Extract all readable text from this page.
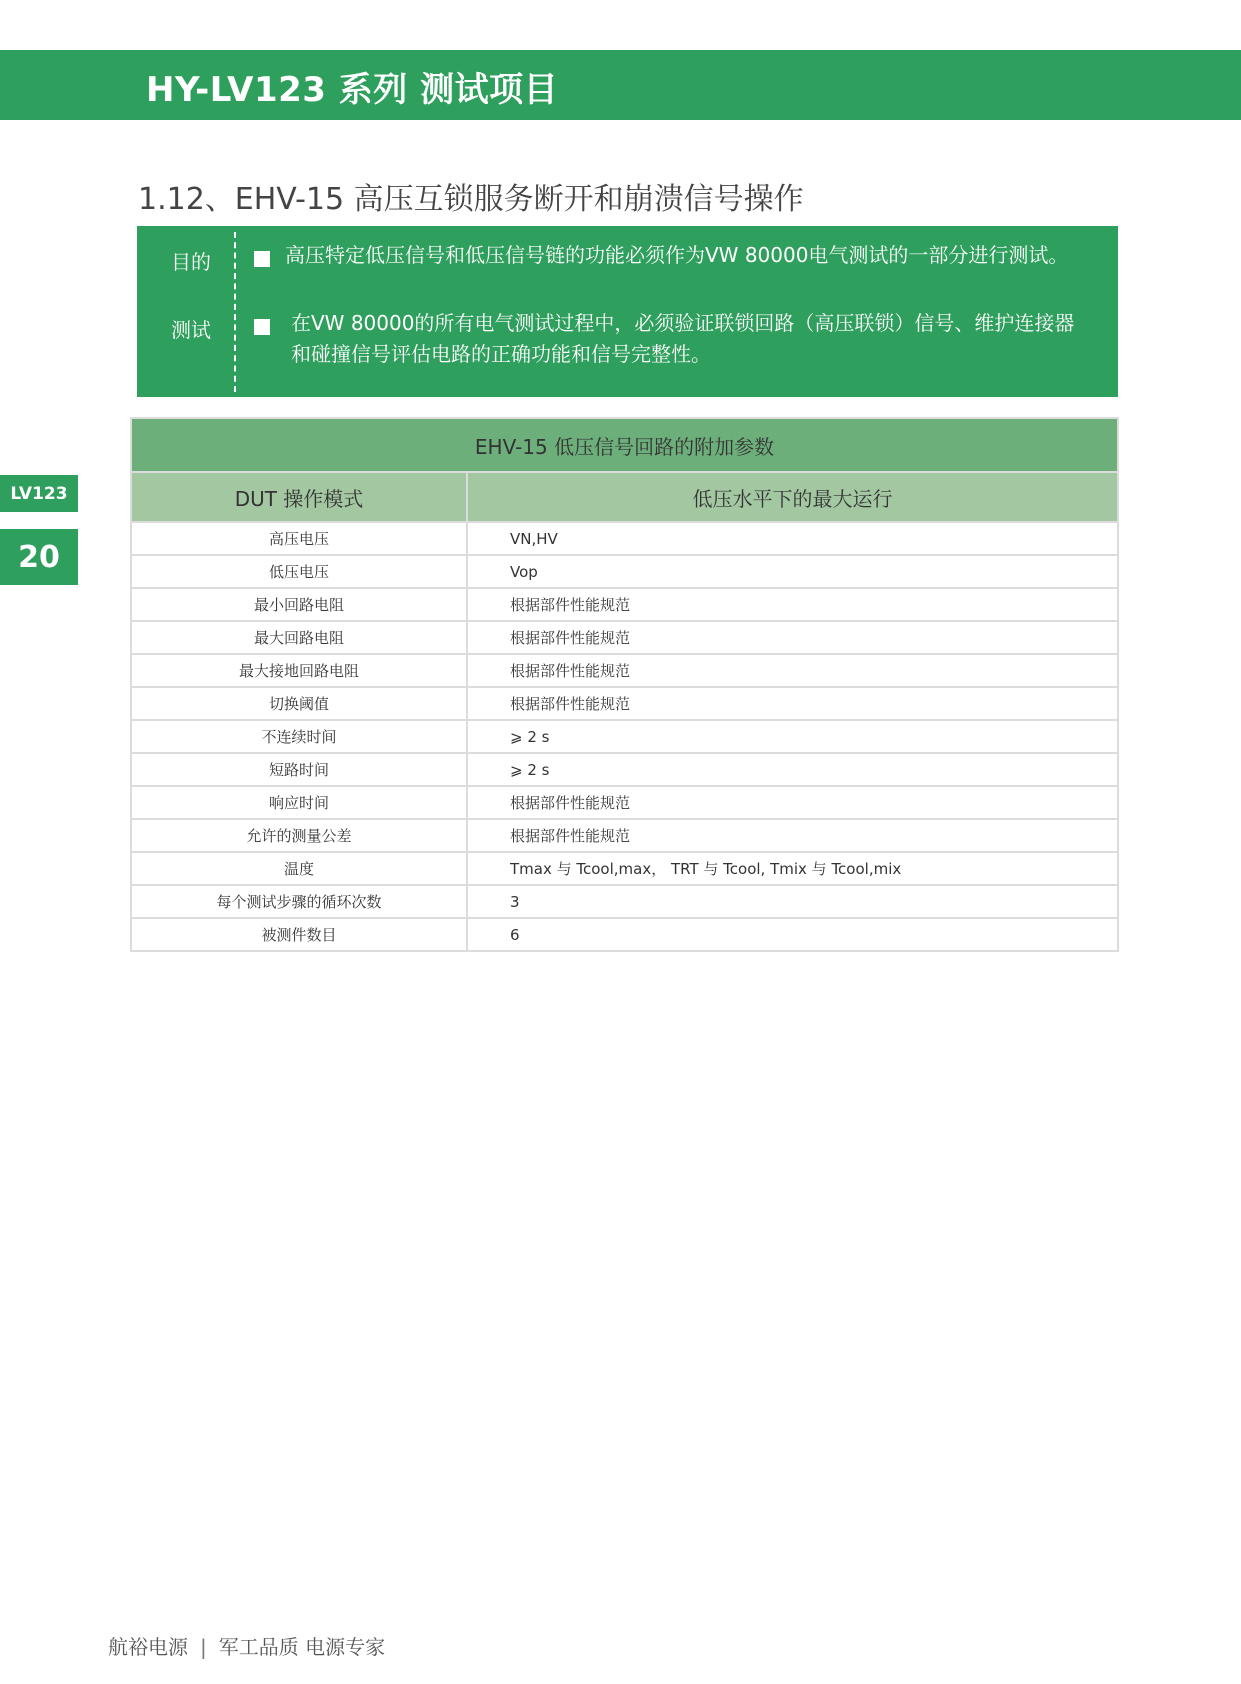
HY-LV123 系列 测试项目
1.12、EHV-15 高压互锁服务断开和崩溃信号操作
目的	高压特定低压信号和低压信号链的功能必须作为VW 80000电气测试的一部分进行测试。
测试	在VW 80000的所有电气测试过程中，必须验证联锁回路（高压联锁）信号、维护连接器和碰撞信号评估电路的正确功能和信号完整性。
LV123
20
EHV-15 低压信号回路的附加参数	
DUT 操作模式	低压水平下的最大运行
高压电压	VN,HV
低压电压	Vop
最小回路电阻	根据部件性能规范
最大回路电阻	根据部件性能规范
最大接地回路电阻	根据部件性能规范
切换阈值	根据部件性能规范
不连续时间	⩾ 2 s
短路时间	⩾ 2 s
响应时间	根据部件性能规范
允许的测量公差	根据部件性能规范
温度	Tmax 与 Tcool,max， TRT 与 Tcool, Tmix 与 Tcool,mix
每个测试步骤的循环次数	3
被测件数目	6
航裕电源 | 军工品质 电源专家
